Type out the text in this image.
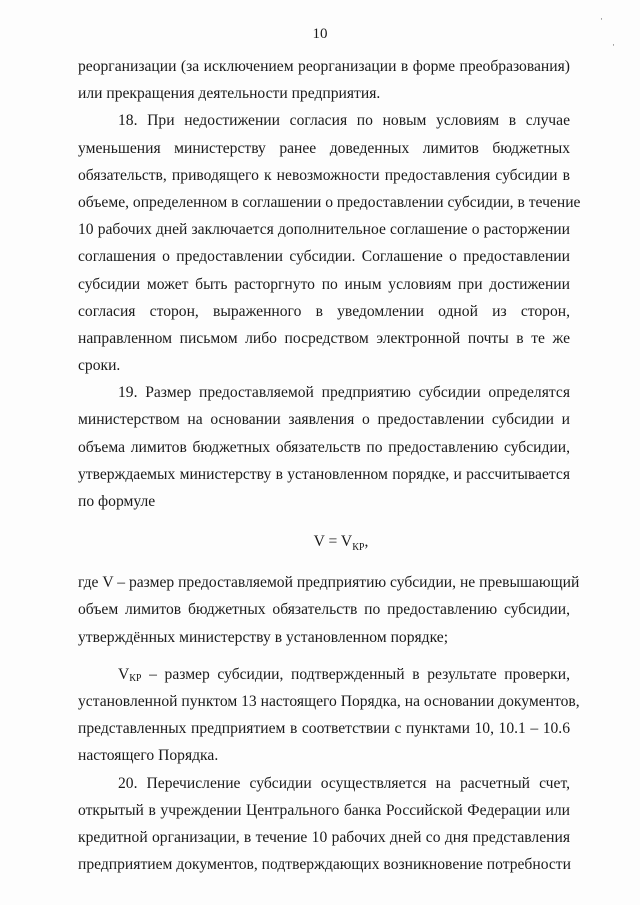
10
реорганизации (за исключением реорганизации в форме преобразования)
или прекращения деятельности предприятия.
18. При недостижении согласия по новым условиям в случае
уменьшения министерству ранее доведенных лимитов бюджетных
обязательств, приводящего к невозможности предоставления субсидии в
объеме, определенном в соглашении о предоставлении субсидии, в течение
10 рабочих дней заключается дополнительное соглашение о расторжении
соглашения о предоставлении субсидии. Соглашение о предоставлении
субсидии может быть расторгнуто по иным условиям при достижении
согласия сторон, выраженного в уведомлении одной из сторон,
направленном письмом либо посредством электронной почты в те же
сроки.
19. Размер предоставляемой предприятию субсидии определятся
министерством на основании заявления о предоставлении субсидии и
объема лимитов бюджетных обязательств по предоставлению субсидии,
утверждаемых министерству в установленном порядке, и рассчитывается
по формуле
$V = V_{КР}$,
где V – размер предоставляемой предприятию субсидии, не превышающий
объем лимитов бюджетных обязательств по предоставлению субсидии,
утверждённых министерству в установленном порядке;
$V_{КР}$ – размер субсидии, подтвержденный в результате проверки,
установленной пунктом 13 настоящего Порядка, на основании документов,
представленных предприятием в соответствии с пунктами 10, 10.1 – 10.6
настоящего Порядка.
20. Перечисление субсидии осуществляется на расчетный счет,
открытый в учреждении Центрального банка Российской Федерации или
кредитной организации, в течение 10 рабочих дней со дня представления
предприятием документов, подтверждающих возникновение потребности
·
·
